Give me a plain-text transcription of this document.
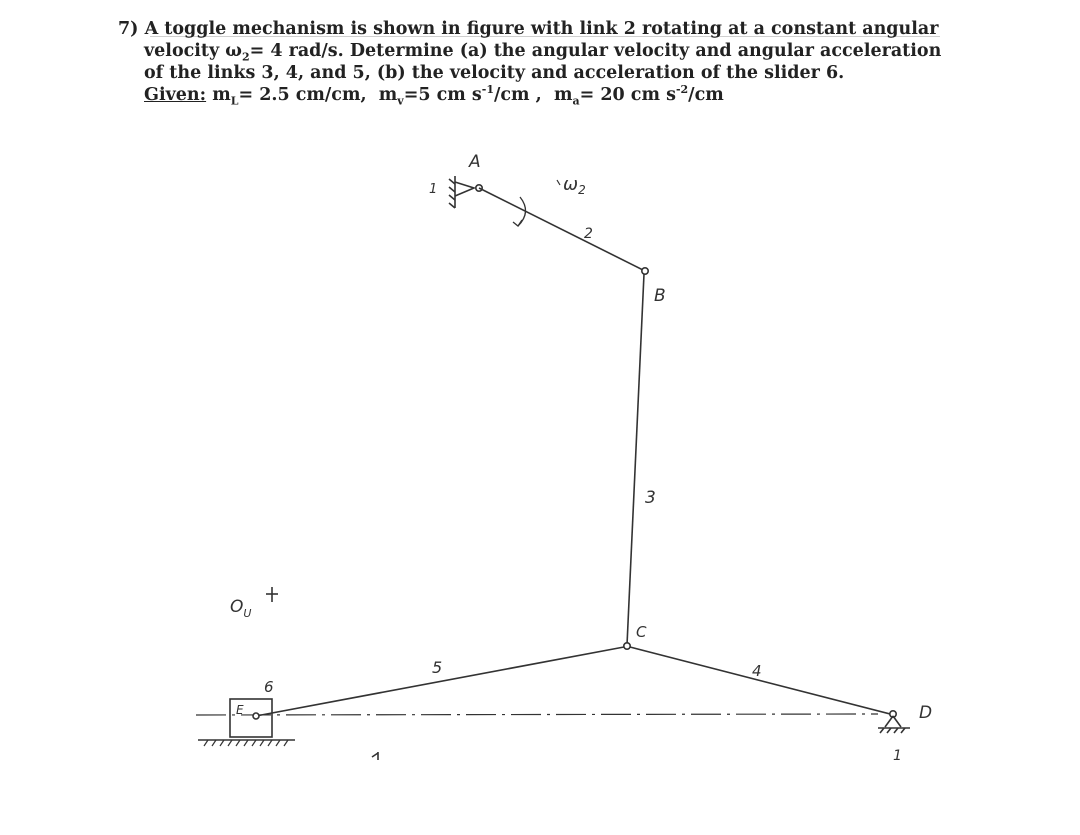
7) A toggle mechanism is shown in figure with link 2 rotating at a constant angular
velocity $\omega_2= 4$ rad/s. Determine (a) the angular velocity and angular acceleration
of the links 3, 4, and 5, (b) the velocity and acceleration of the slider 6.
Given: $m_L= 2.5$ cm/cm, $m_v=5$ cm $s^{-1}/cm$ , $m_a= 20$ cm $s^{-2}/cm$
A
1	$\omega_2$
2
B
3
C
$O_U$
5	4
6
E	D
1
